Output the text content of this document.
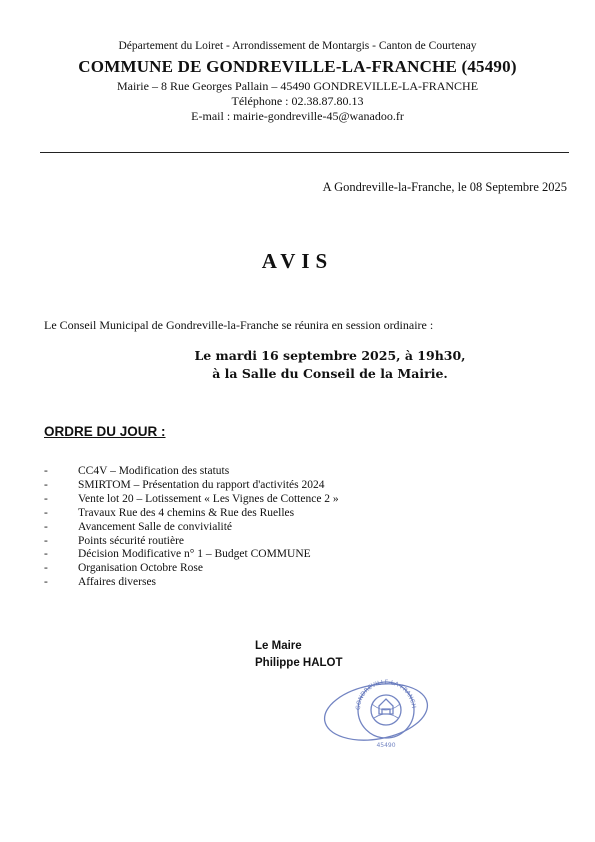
Département du Loiret - Arrondissement de Montargis - Canton de Courtenay
COMMUNE DE GONDREVILLE-LA-FRANCHE (45490)
Mairie – 8 Rue Georges Pallain – 45490 GONDREVILLE-LA-FRANCHE
Téléphone : 02.38.87.80.13
E-mail : mairie-gondreville-45@wanadoo.fr
A Gondreville-la-Franche, le 08 Septembre 2025
AVIS
Le Conseil Municipal de Gondreville-la-Franche se réunira en session ordinaire :
Le mardi 16 septembre 2025, à 19h30,
à la Salle du Conseil de la Mairie.
ORDRE DU JOUR :
- CC4V – Modification des statuts
- SMIRTOM – Présentation du rapport d'activités 2024
- Vente lot 20 – Lotissement « Les Vignes de Cottence 2 »
- Travaux Rue des 4 chemins & Rue des Ruelles
- Avancement Salle de convivialité
- Points sécurité routière
- Décision Modificative n° 1 – Budget COMMUNE
- Organisation Octobre Rose
- Affaires diverses
Le Maire
Philippe HALOT
GONDREVILLE-LA-FRANCH
45490
